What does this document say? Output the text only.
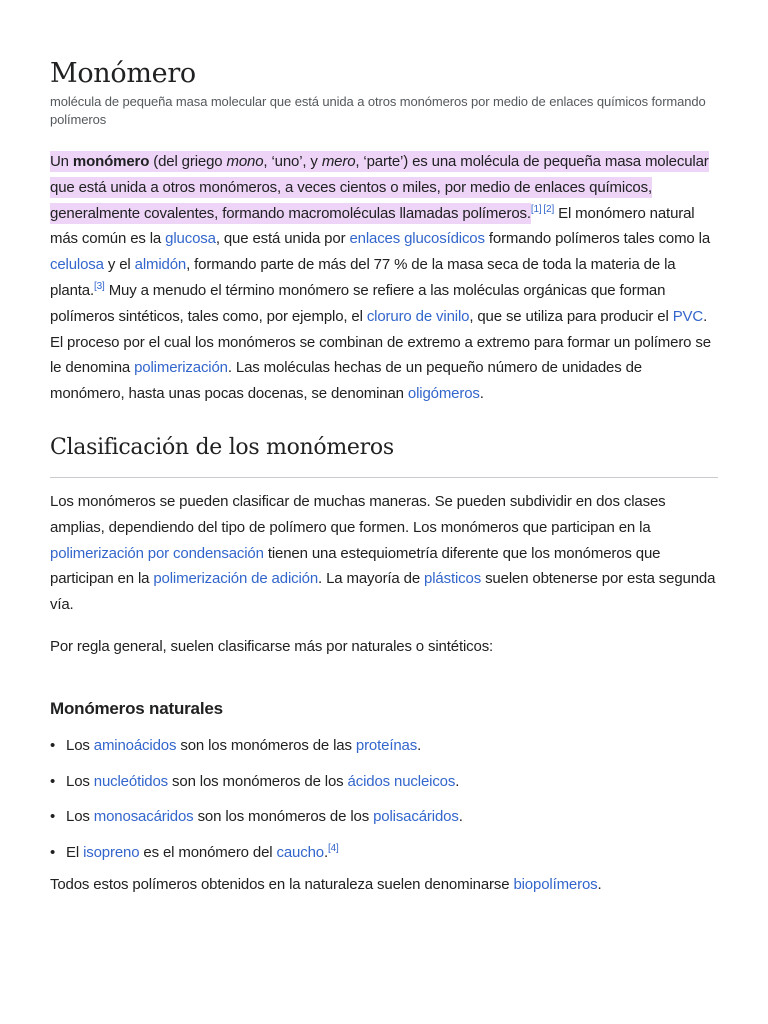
Monómero
molécula de pequeña masa molecular que está unida a otros monómeros por medio de enlaces químicos formando polímeros

Un monómero (del griego mono, ‘uno’, y mero, ‘parte’) es una molécula de pequeña masa molecular que está unida a otros monómeros, a veces cientos o miles, por medio de enlaces químicos, generalmente covalentes, formando macromoléculas llamadas polímeros.[1]  [2] El monómero natural más común es la glucosa, que está unida por enlaces glucosídicos formando polímeros tales como la celulosa y el almidón, formando parte de más del 77 % de la masa seca de toda la materia de la planta.[3] Muy a menudo el término monómero se refiere a las moléculas orgánicas que forman polímeros sintéticos, tales como, por ejemplo, el cloruro de vinilo, que se utiliza para producir el PVC. El proceso por el cual los monómeros se combinan de extremo a extremo para formar un polímero se le denomina polimerización. Las moléculas hechas de un pequeño número de unidades de monómero, hasta unas pocas docenas, se denominan oligómeros.

Clasificación de los monómeros

Los monómeros se pueden clasificar de muchas maneras. Se pueden subdividir en dos clases amplias, dependiendo del tipo de polímero que formen. Los monómeros que participan en la polimerización por condensación tienen una estequiometría diferente que los monómeros que participan en la polimerización de adición. La mayoría de plásticos suelen obtenerse por esta segunda vía.

Por regla general, suelen clasificarse más por naturales o sintéticos:

Monómeros naturales
• Los aminoácidos son los monómeros de las proteínas.
• Los nucleótidos son los monómeros de los ácidos nucleicos.
• Los monosacáridos son los monómeros de los polisacáridos.
• El isopreno es el monómero del caucho.[4]

Todos estos polímeros obtenidos en la naturaleza suelen denominarse biopolímeros.
